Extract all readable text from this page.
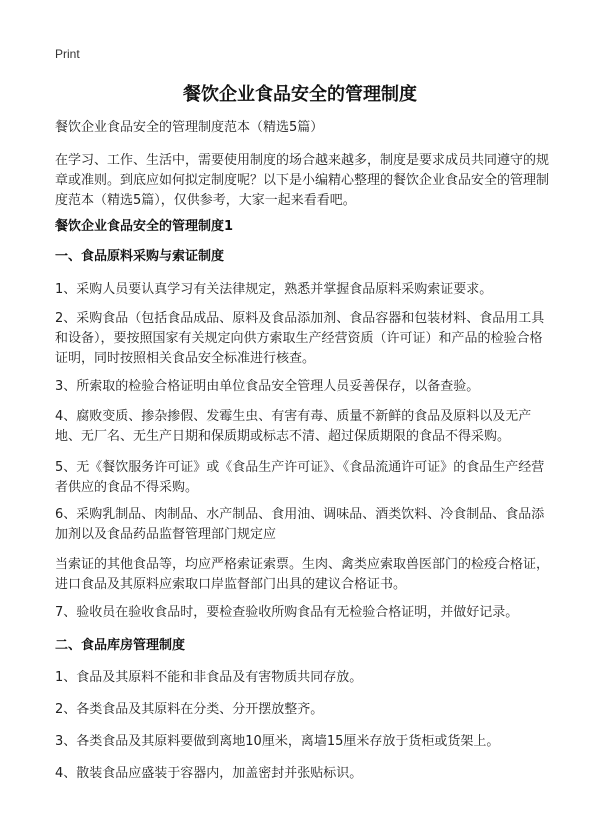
Print
餐饮企业食品安全的管理制度

餐饮企业食品安全的管理制度范本（精选5篇）

在学习、工作、生活中，需要使用制度的场合越来越多，制度是要求成员共同遵守的规章或准则。到底应如何拟定制度呢？以下是小编精心整理的餐饮企业食品安全的管理制度范本（精选5篇），仅供参考，大家一起来看看吧。

餐饮企业食品安全的管理制度1

一、食品原料采购与索证制度

1、采购人员要认真学习有关法律规定，熟悉并掌握食品原料采购索证要求。

2、采购食品（包括食品成品、原料及食品添加剂、食品容器和包装材料、食品用工具和设备），要按照国家有关规定向供方索取生产经营资质（许可证）和产品的检验合格证明，同时按照相关食品安全标准进行核查。

3、所索取的检验合格证明由单位食品安全管理人员妥善保存，以备查验。

4、腐败变质、掺杂掺假、发霉生虫、有害有毒、质量不新鲜的食品及原料以及无产地、无厂名、无生产日期和保质期或标志不清、超过保质期限的食品不得采购。

5、无《餐饮服务许可证》或《食品生产许可证》、《食品流通许可证》的食品生产经营者供应的食品不得采购。

6、采购乳制品、肉制品、水产制品、食用油、调味品、酒类饮料、冷食制品、食品添加剂以及食品药品监督管理部门规定应

当索证的其他食品等，均应严格索证索票。生肉、禽类应索取兽医部门的检疫合格证，进口食品及其原料应索取口岸监督部门出具的建议合格证书。

7、验收员在验收食品时，要检查验收所购食品有无检验合格证明，并做好记录。

二、食品库房管理制度

1、食品及其原料不能和非食品及有害物质共同存放。

2、各类食品及其原料在分类、分开摆放整齐。

3、各类食品及其原料要做到离地10厘米，离墙15厘米存放于货柜或货架上。

4、散装食品应盛装于容器内，加盖密封并张贴标识。
